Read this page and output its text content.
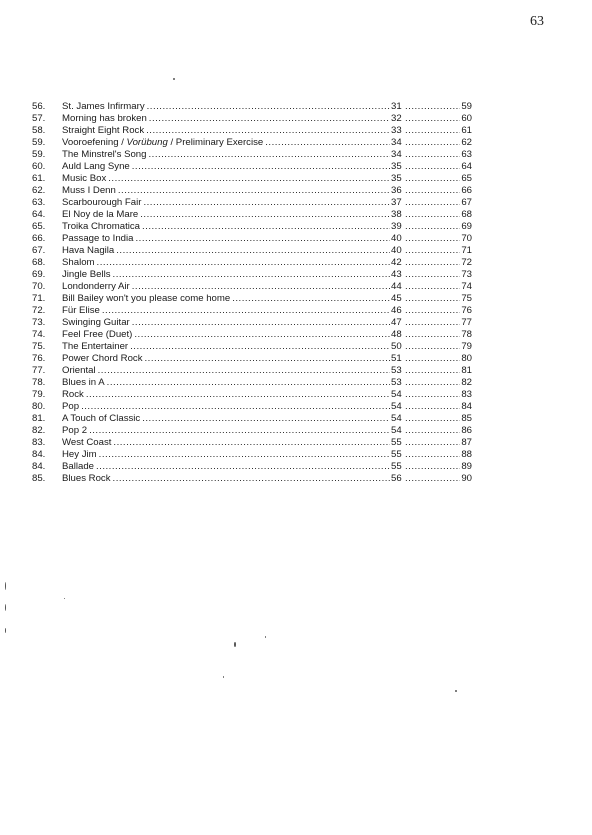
63
56.	St. James Infirmary .....	31 .....	59
57.	Morning has broken .....	32 .....	60
58.	Straight Eight Rock .....	33 .....	61
59.	Vooroefening / Vorübung / Preliminary Exercise .....	34 .....	62
59.	The Minstrel's Song .....	34 .....	63
60.	Auld Lang Syne .....	35 .....	64
61.	Music Box .....	35 .....	65
62.	Muss I Denn .....	36 .....	66
63.	Scarbourough Fair .....	37 .....	67
64.	El Noy de la Mare .....	38 .....	68
65.	Troika Chromatica .....	39 .....	69
66.	Passage to India .....	40 .....	70
67.	Hava Nagila .....	40 .....	71
68.	Shalom .....	42 .....	72
69.	Jingle Bells .....	43 .....	73
70.	Londonderry Air .....	44 .....	74
71.	Bill Bailey won't you please come home .....	45 .....	75
72.	Für Elise .....	46 .....	76
73.	Swinging Guitar .....	47 .....	77
74.	Feel Free (Duet) .....	48 .....	78
75.	The Entertainer .....	50 .....	79
76.	Power Chord Rock .....	51 .....	80
77.	Oriental .....	53 .....	81
78.	Blues in A .....	53 .....	82
79.	Rock .....	54 .....	83
80.	Pop .....	54 .....	84
81.	A Touch of Classic .....	54 .....	85
82.	Pop 2 .....	54 .....	86
83.	West Coast .....	55 .....	87
84.	Hey Jim .....	55 .....	88
84.	Ballade .....	55 .....	89
85.	Blues Rock .....	56 .....	90
